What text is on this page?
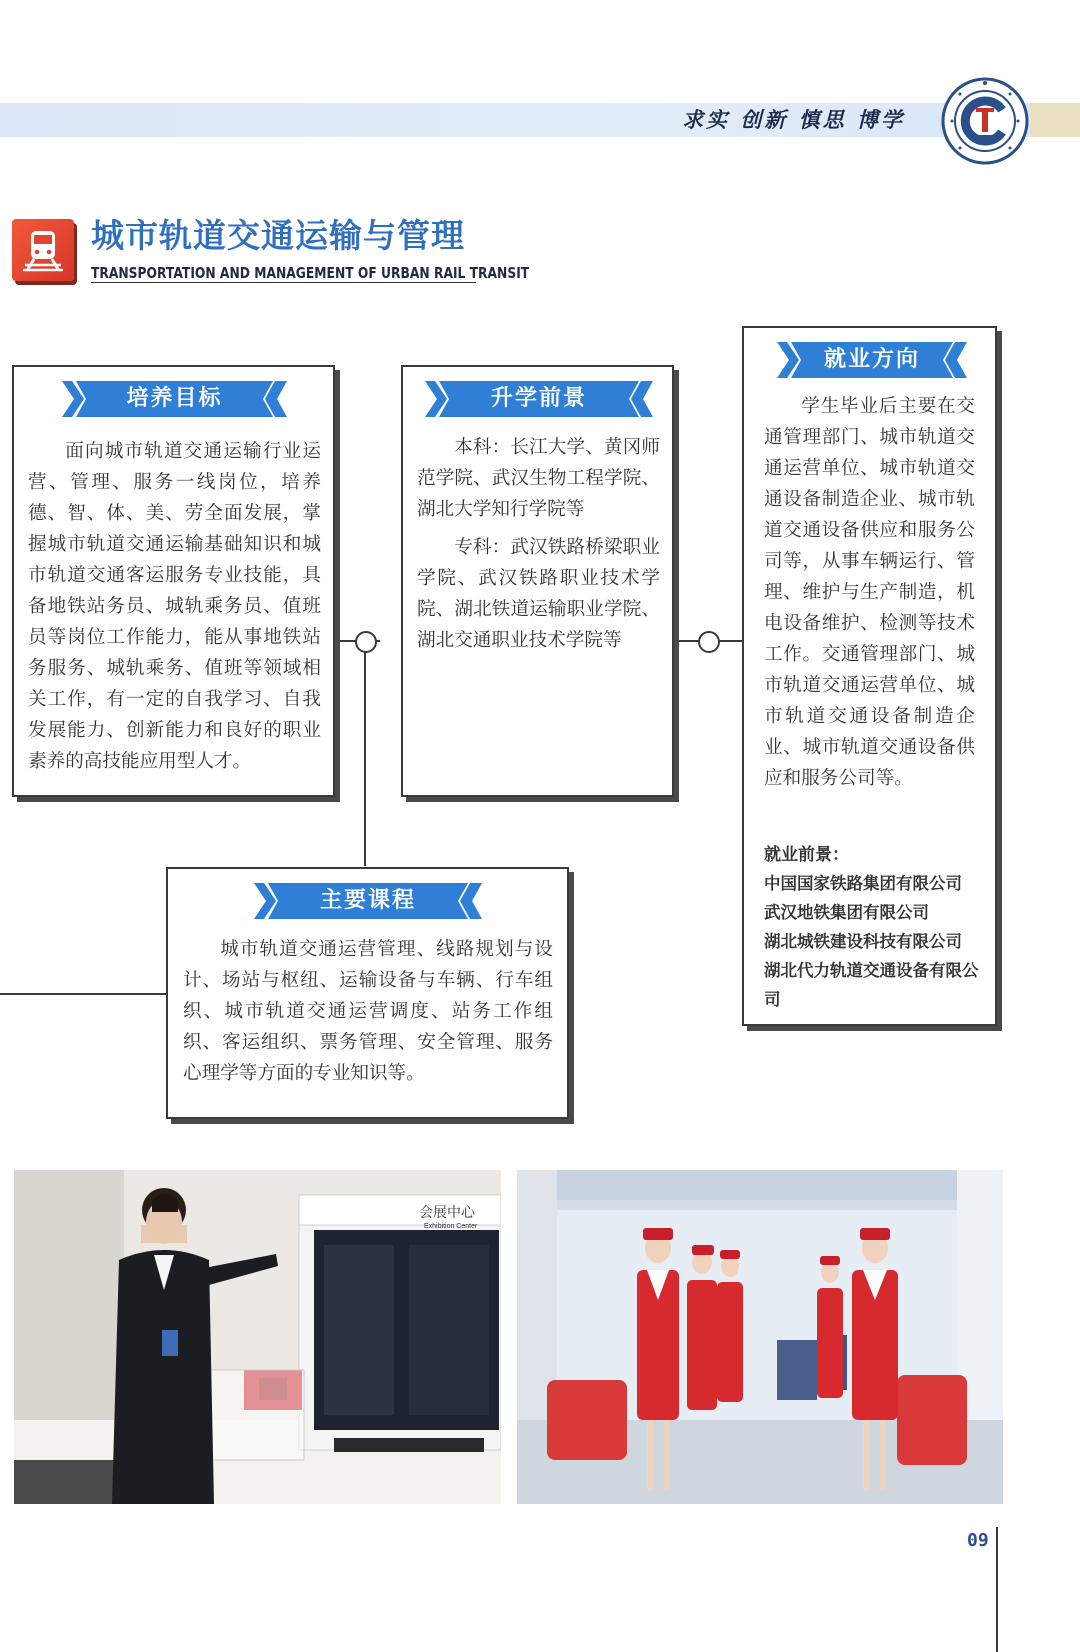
求实 创新 慎思 博学
城市轨道交通运输与管理
TRANSPORTATION AND MANAGEMENT OF URBAN RAIL TRANSIT
培养目标
面向城市轨道交通运输行业运营、管理、服务一线岗位，培养德、智、体、美、劳全面发展，掌握城市轨道交通运输基础知识和城市轨道交通客运服务专业技能，具备地铁站务员、城轨乘务员、值班员等岗位工作能力，能从事地铁站务服务、城轨乘务、值班等领域相关工作，有一定的自我学习、自我发展能力、创新能力和良好的职业素养的高技能应用型人才。
升学前景
本科：长江大学、黄冈师范学院、武汉生物工程学院、湖北大学知行学院等
专科：武汉铁路桥梁职业学院、武汉铁路职业技术学院、湖北铁道运输职业学院、湖北交通职业技术学院等
就业方向
学生毕业后主要在交通管理部门、城市轨道交通运营单位、城市轨道交通设备制造企业、城市轨道交通设备供应和服务公司等，从事车辆运行、管理、维护与生产制造，机电设备维护、检测等技术工作。交通管理部门、城市轨道交通运营单位、城市轨道交通设备制造企业、城市轨道交通设备供应和服务公司等。
就业前景：
中国国家铁路集团有限公司
武汉地铁集团有限公司
湖北城铁建设科技有限公司
湖北代力轨道交通设备有限公司
主要课程
城市轨道交通运营管理、线路规划与设计、场站与枢纽、运输设备与车辆、行车组织、城市轨道交通运营调度、站务工作组织、客运组织、票务管理、安全管理、服务心理学等方面的专业知识等。
会展中心
Exhibition Center
09
